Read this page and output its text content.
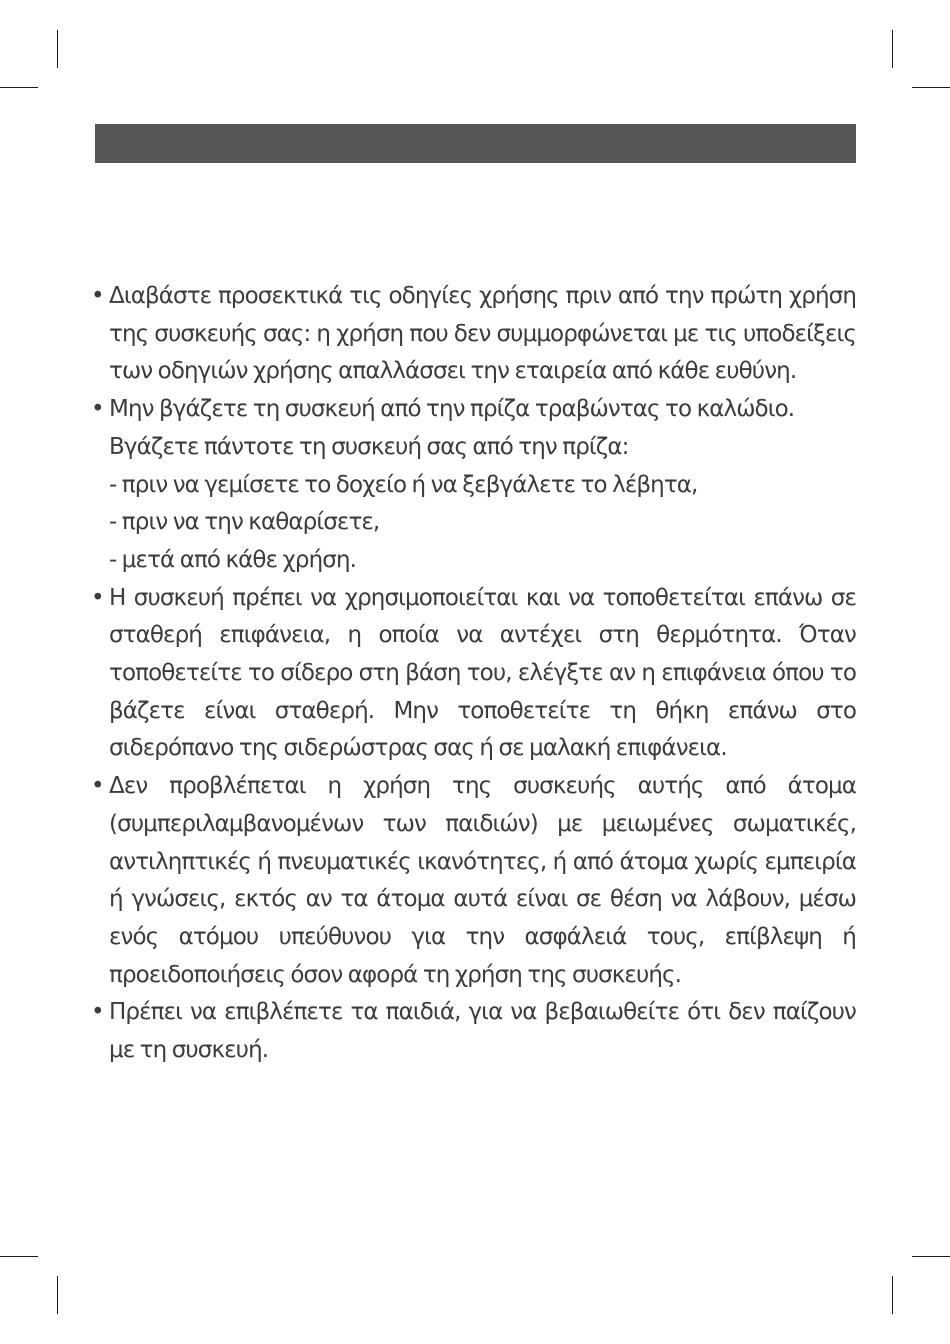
• Διαβάστε προσεκτικά τις οδηγίες χρήσης πριν από την πρώτη χρήση της συσκευής σας: η χρήση που δεν συμμορφώνεται με τις υποδείξεις των οδηγιών χρήσης απαλλάσσει την εταιρεία από κάθε ευθύνη.
• Μην βγάζετε τη συσκευή από την πρίζα τραβώντας το καλώδιο.
Βγάζετε πάντοτε τη συσκευή σας από την πρίζα:
- πριν να γεμίσετε το δοχείο ή να ξεβγάλετε το λέβητα,
- πριν να την καθαρίσετε,
- μετά από κάθε χρήση.
• Η συσκευή πρέπει να χρησιμοποιείται και να τοποθετείται επάνω σε σταθερή επιφάνεια, η οποία να αντέχει στη θερμότητα. Όταν τοποθετείτε το σίδερο στη βάση του, ελέγξτε αν η επιφάνεια όπου το βάζετε είναι σταθερή. Μην τοποθετείτε τη θήκη επάνω στο σιδερόπανο της σιδερώστρας σας ή σε μαλακή επιφάνεια.
• Δεν προβλέπεται η χρήση της συσκευής αυτής από άτομα (συμπεριλαμβανομένων των παιδιών) με μειωμένες σωματικές, αντιληπτικές ή πνευματικές ικανότητες, ή από άτομα χωρίς εμπειρία ή γνώσεις, εκτός αν τα άτομα αυτά είναι σε θέση να λάβουν, μέσω ενός ατόμου υπεύθυνου για την ασφάλειά τους, επίβλεψη ή προειδοποιήσεις όσον αφορά τη χρήση της συσκευής.
• Πρέπει να επιβλέπετε τα παιδιά, για να βεβαιωθείτε ότι δεν παίζουν με τη συσκευή.
